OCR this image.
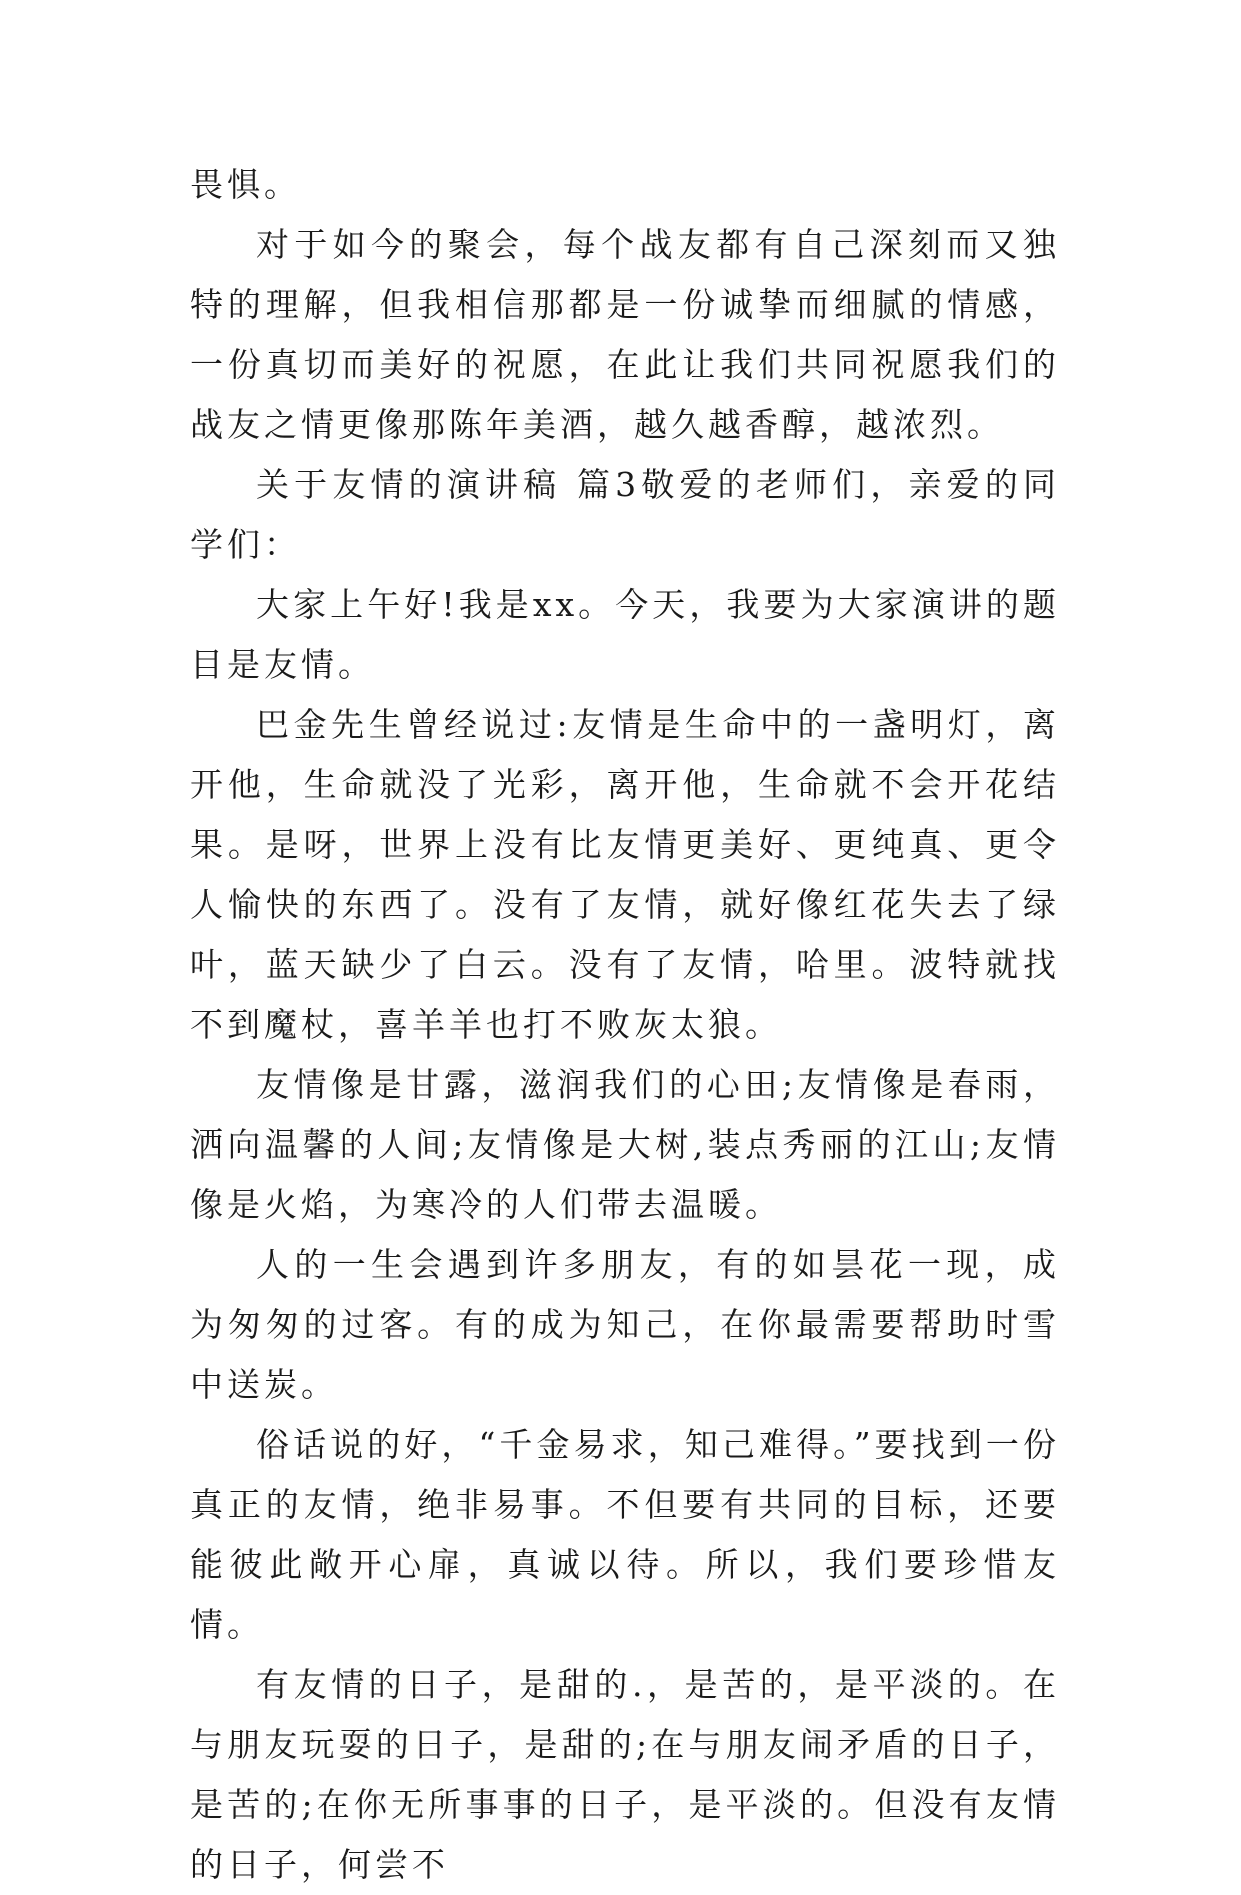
畏惧。

对于如今的聚会，每个战友都有自己深刻而又独特的理解，但我相信那都是一份诚挚而细腻的情感，一份真切而美好的祝愿，在此让我们共同祝愿我们的战友之情更像那陈年美酒，越久越香醇，越浓烈。

关于友情的演讲稿 篇3敬爱的老师们，亲爱的同学们：

大家上午好!我是xx。今天，我要为大家演讲的题目是友情。

巴金先生曾经说过:友情是生命中的一盏明灯，离开他，生命就没了光彩，离开他，生命就不会开花结果。是呀，世界上没有比友情更美好、更纯真、更令人愉快的东西了。没有了友情，就好像红花失去了绿叶，蓝天缺少了白云。没有了友情，哈里。波特就找不到魔杖，喜羊羊也打不败灰太狼。

友情像是甘露，滋润我们的心田;友情像是春雨，洒向温馨的人间;友情像是大树,装点秀丽的江山;友情像是火焰，为寒冷的人们带去温暖。

人的一生会遇到许多朋友，有的如昙花一现，成为匆匆的过客。有的成为知己，在你最需要帮助时雪中送炭。

俗话说的好，“千金易求，知己难得。”要找到一份真正的友情，绝非易事。不但要有共同的目标，还要能彼此敞开心扉，真诚以待。所以，我们要珍惜友情。

有友情的日子，是甜的.，是苦的，是平淡的。在与朋友玩耍的日子，是甜的;在与朋友闹矛盾的日子，是苦的;在你无所事事的日子，是平淡的。但没有友情的日子，何尝不
